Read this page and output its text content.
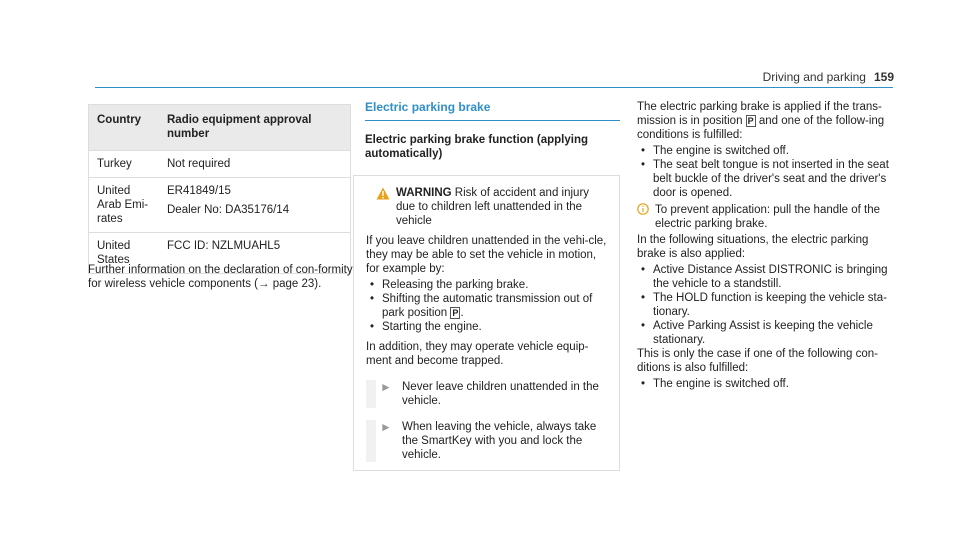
Driving and parking 159
Country	Radio equipment approval number
Turkey	Not required

United Arab Emi-rates

ER41849/15

Dealer No: DA35176/14

United States

FCC ID: NZLMUAHL5

Further information on the declaration of con-formity for wireless vehicle components (→ page 23).
Electric parking brake
Electric parking brake function (applying automatically)
WARNING Risk of accident and injury due to children left unattended in the vehicle

If you leave children unattended in the vehi-cle, they may be able to set the vehicle in motion, for example by:

• Releasing the parking brake.
• Shifting the automatic transmission out of park position P .
• Starting the engine.

In addition, they may operate vehicle equip-ment and become trapped.

► Never leave children unattended in the vehicle.
► When leaving the vehicle, always take the SmartKey with you and lock the vehicle.

The electric parking brake is applied if the trans-mission is in position P and one of the follow-ing conditions is fulfilled:

• The engine is switched off.
• The seat belt tongue is not inserted in the seat belt buckle of the driver's seat and the driver's door is opened.
To prevent application: pull the handle of the electric parking brake.

In the following situations, the electric parking brake is also applied:

• Active Distance Assist DISTRONIC is bringing the vehicle to a standstill.
• The HOLD function is keeping the vehicle sta-tionary.
• Active Parking Assist is keeping the vehicle stationary.

This is only the case if one of the following con-ditions is also fulfilled:

• The engine is switched off.
